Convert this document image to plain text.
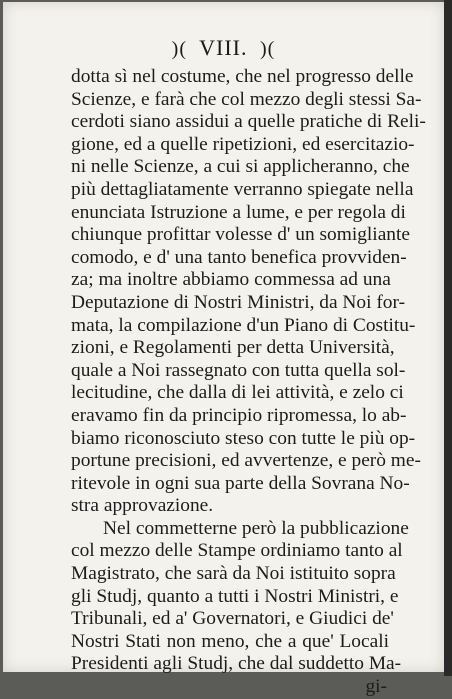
)( VIII. )(
dotta sì nel costume, che nel progresso delle
Scienze, e farà che col mezzo degli stessi Sa-
cerdoti siano assidui a quelle pratiche di Reli-
gione, ed a quelle ripetizioni, ed esercitazio-
ni nelle Scienze, a cui si applicheranno, che
più dettagliatamente verranno spiegate nella
enunciata Istruzione a lume, e per regola di
chiunque profittar volesse d' un somigliante
comodo, e d' una tanto benefica provviden-
za; ma inoltre abbiamo commessa ad una
Deputazione di Nostri Ministri, da Noi for-
mata, la compilazione d'un Piano di Costitu-
zioni, e Regolamenti per detta Università,
quale a Noi rassegnato con tutta quella sol-
lecitudine, che dalla di lei attività, e zelo ci
eravamo fin da principio ripromessa, lo ab-
biamo riconosciuto steso con tutte le più op-
portune precisioni, ed avvertenze, e però me-
ritevole in ogni sua parte della Sovrana No-
stra approvazione.
Nel commetterne però la pubblicazione
col mezzo delle Stampe ordiniamo tanto al
Magistrato, che sarà da Noi istituito sopra
gli Studj, quanto a tutti i Nostri Ministri, e
Tribunali, ed a' Governatori, e Giudici de'
Nostri Stati non meno, che a que' Locali
Presidenti agli Studj, che dal suddetto Ma-
gi-
